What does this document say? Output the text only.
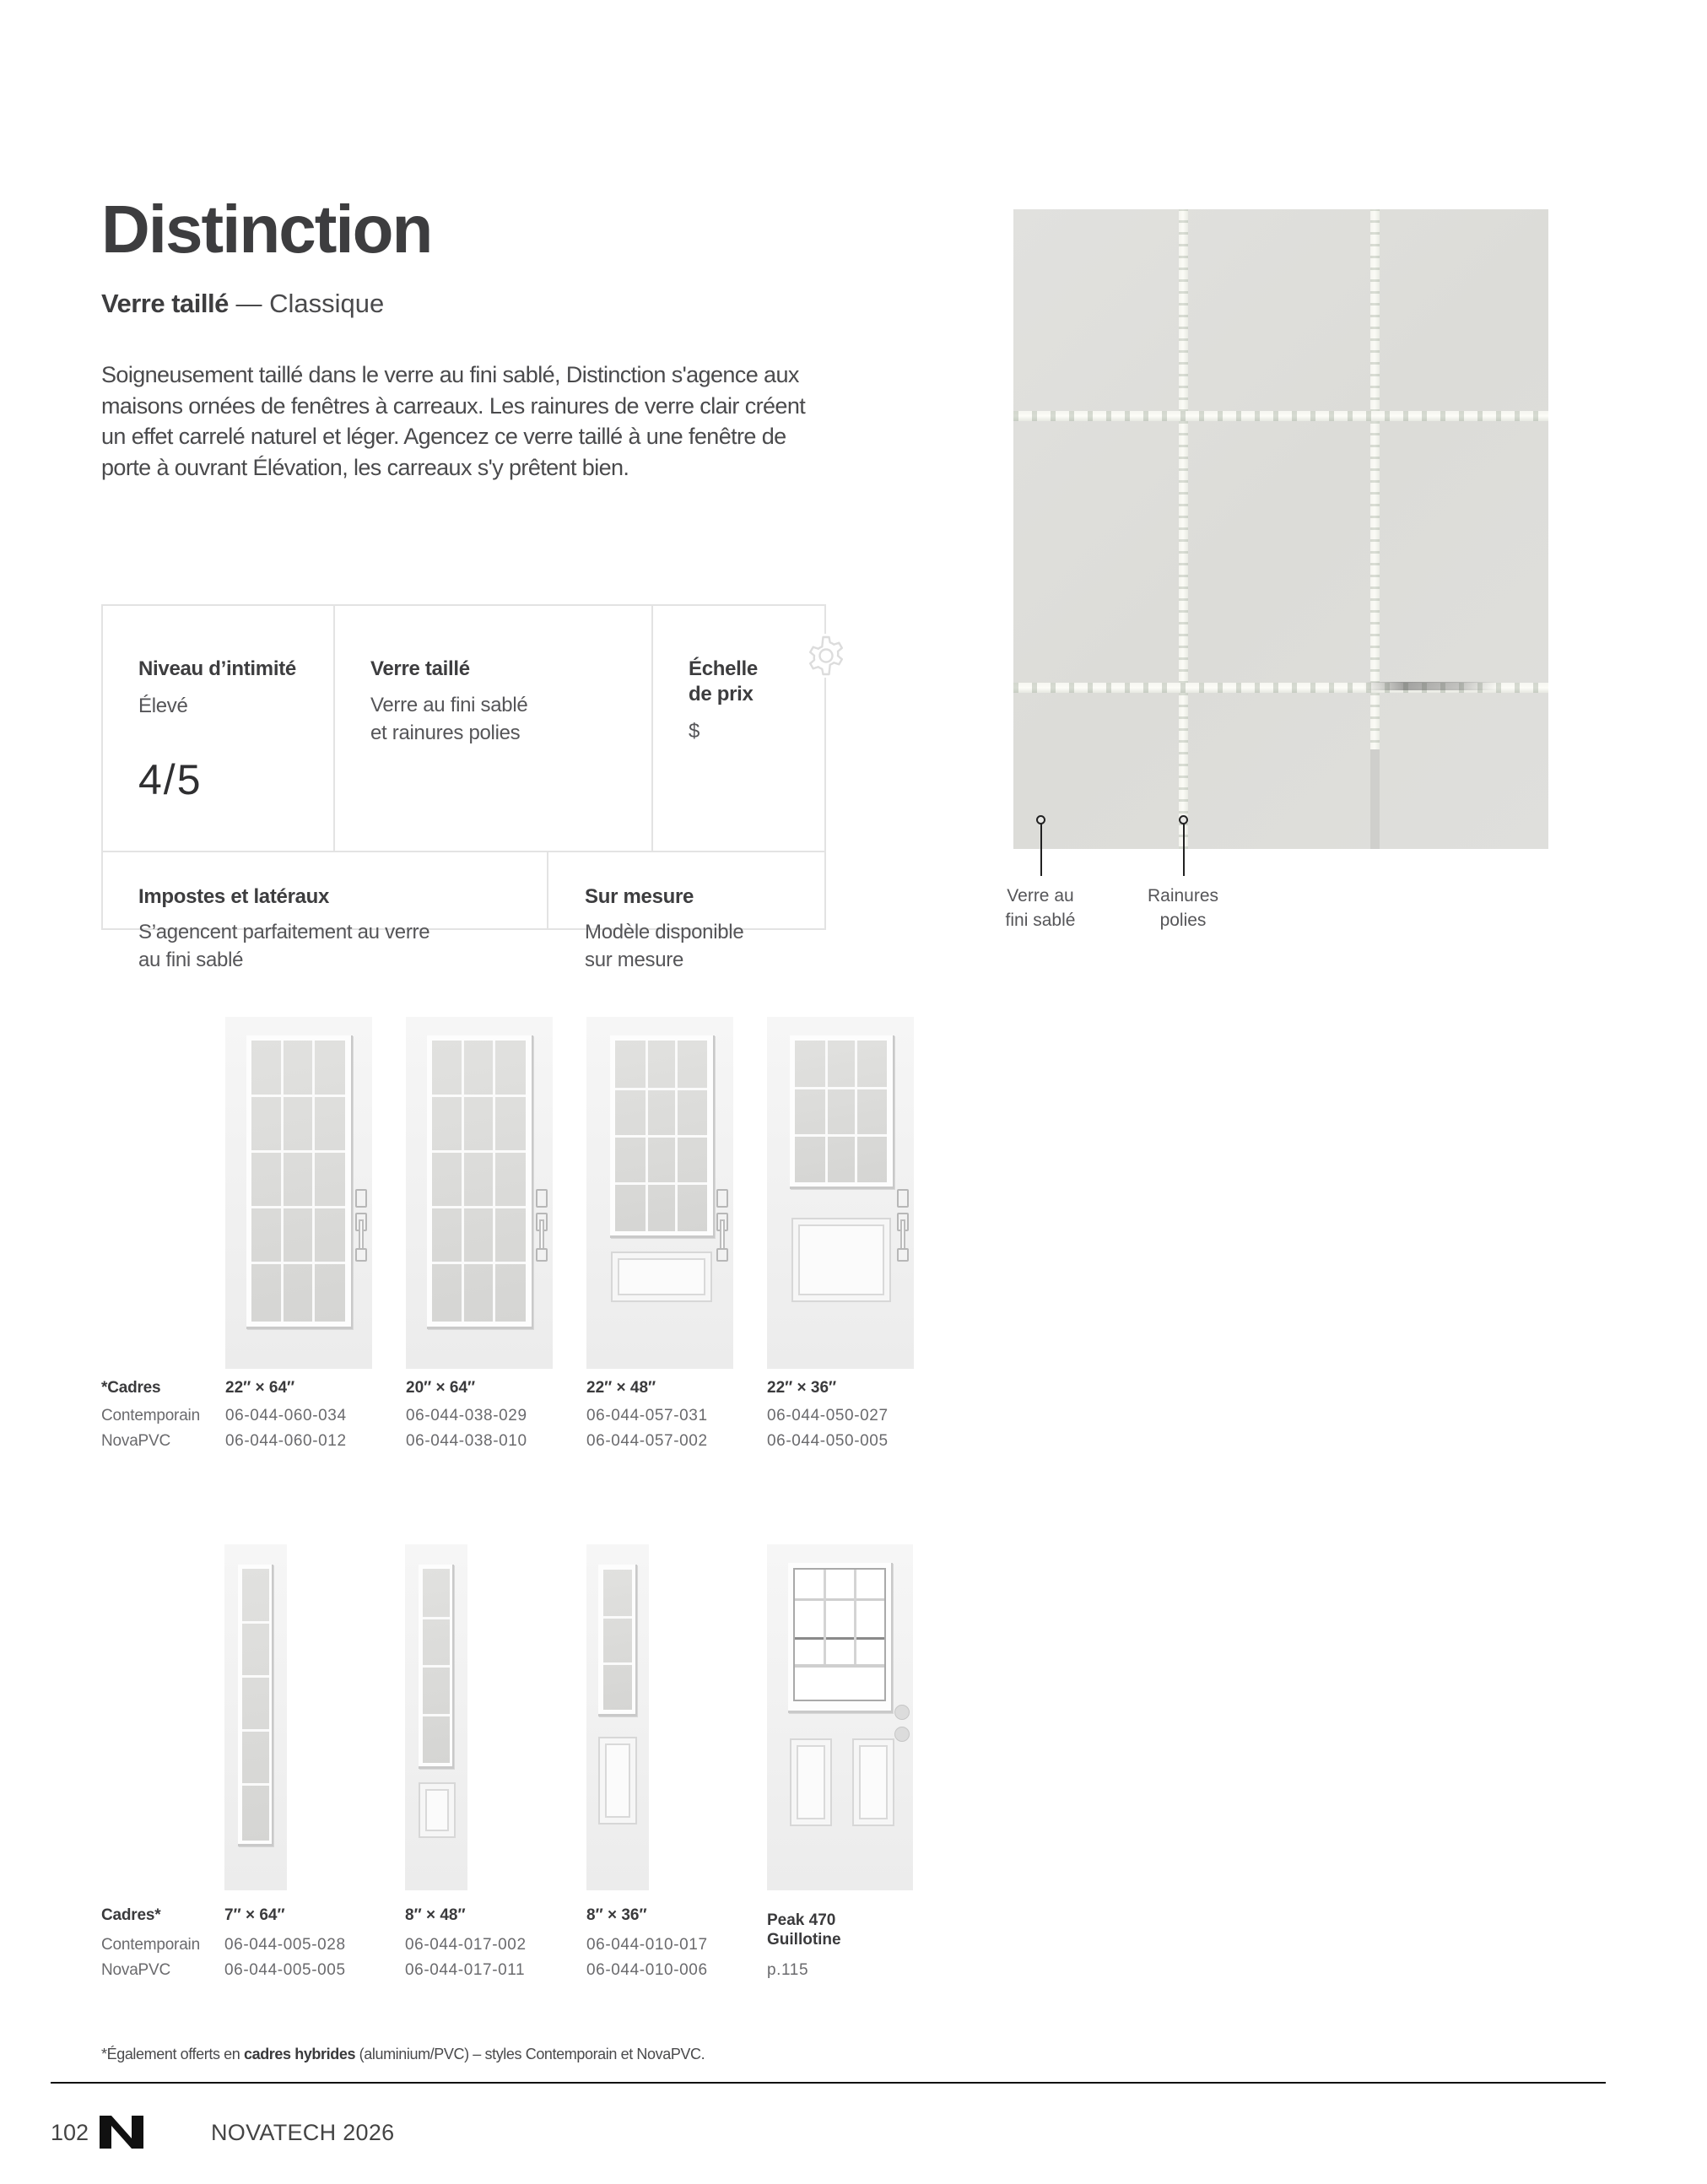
Distinction
Verre taillé — Classique
Soigneusement taillé dans le verre au fini sablé, Distinction s'agence aux maisons ornées de fenêtres à carreaux. Les rainures de verre clair créent un effet carrelé naturel et léger. Agencez ce verre taillé à une fenêtre de porte à ouvrant Élévation, les carreaux s'y prêtent bien.
Niveau d’intimité
Élevé
4/5
Verre taillé
Verre au fini sablé
et rainures polies
Échelle
de prix
$
Impostes et latéraux
S’agencent parfaitement au verre
au fini sablé
Sur mesure
Modèle disponible
sur mesure
Verre au
fini sablé
Rainures
polies
*Cadres
Contemporain
NovaPVC
22″ × 64″
06-044-060-034
06-044-060-012
20″ × 64″
06-044-038-029
06-044-038-010
22″ × 48″
06-044-057-031
06-044-057-002
22″ × 36″
06-044-050-027
06-044-050-005
Cadres*
Contemporain
NovaPVC
7″ × 64″
06-044-005-028
06-044-005-005
8″ × 48″
06-044-017-002
06-044-017-011
8″ × 36″
06-044-010-017
06-044-010-006
Peak 470
Guillotine
p.115
*Également offerts en cadres hybrides (aluminium/PVC) – styles Contemporain et NovaPVC.
102	NOVATECH 2026
